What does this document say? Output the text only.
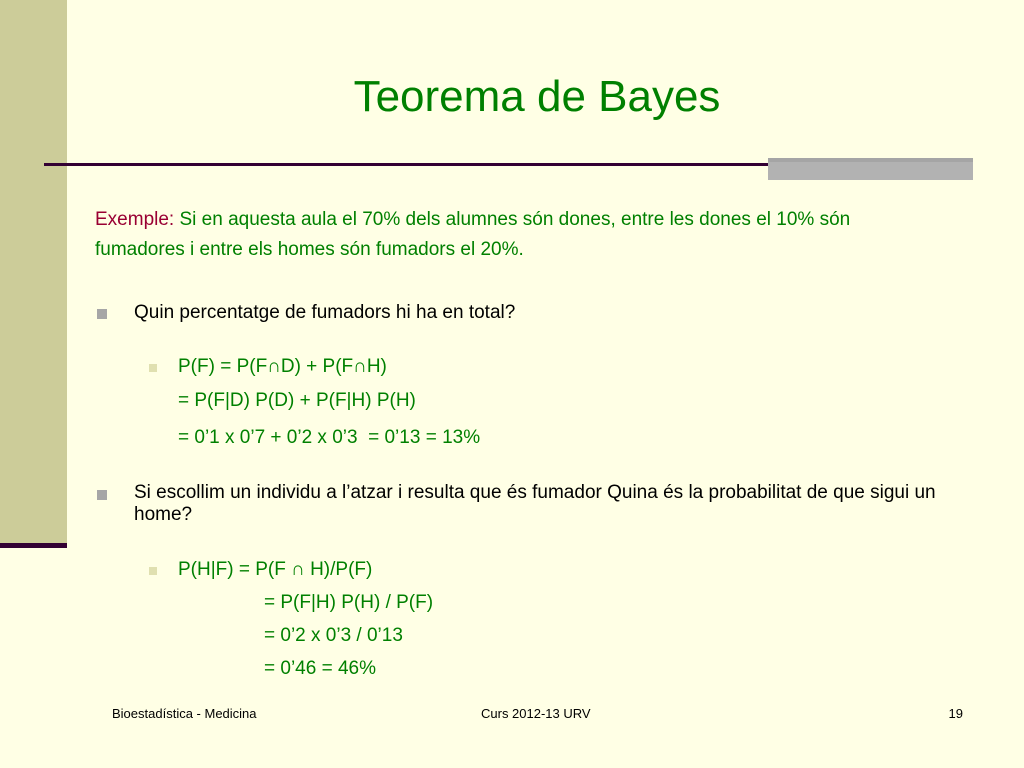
Teorema de Bayes
Exemple: Si en aquesta aula el 70% dels alumnes són dones, entre les dones el 10% són fumadores i entre els homes són fumadors el 20%.
Quin percentatge de fumadors hi ha en total?
P(F) = P(F∩D) + P(F∩H)
= P(F|D) P(D) + P(F|H) P(H)
= 0’1 x 0’7 + 0’2 x 0’3  = 0’13 = 13%
Si escollim un individu a l’atzar i resulta que és fumador Quina és la probabilitat de que sigui un home?
P(H|F) = P(F ∩ H)/P(F)
= P(F|H) P(H) / P(F)
= 0’2 x 0’3 / 0’13
= 0’46 = 46%
Bioestadística - Medicina	Curs 2012-13 URV	19
